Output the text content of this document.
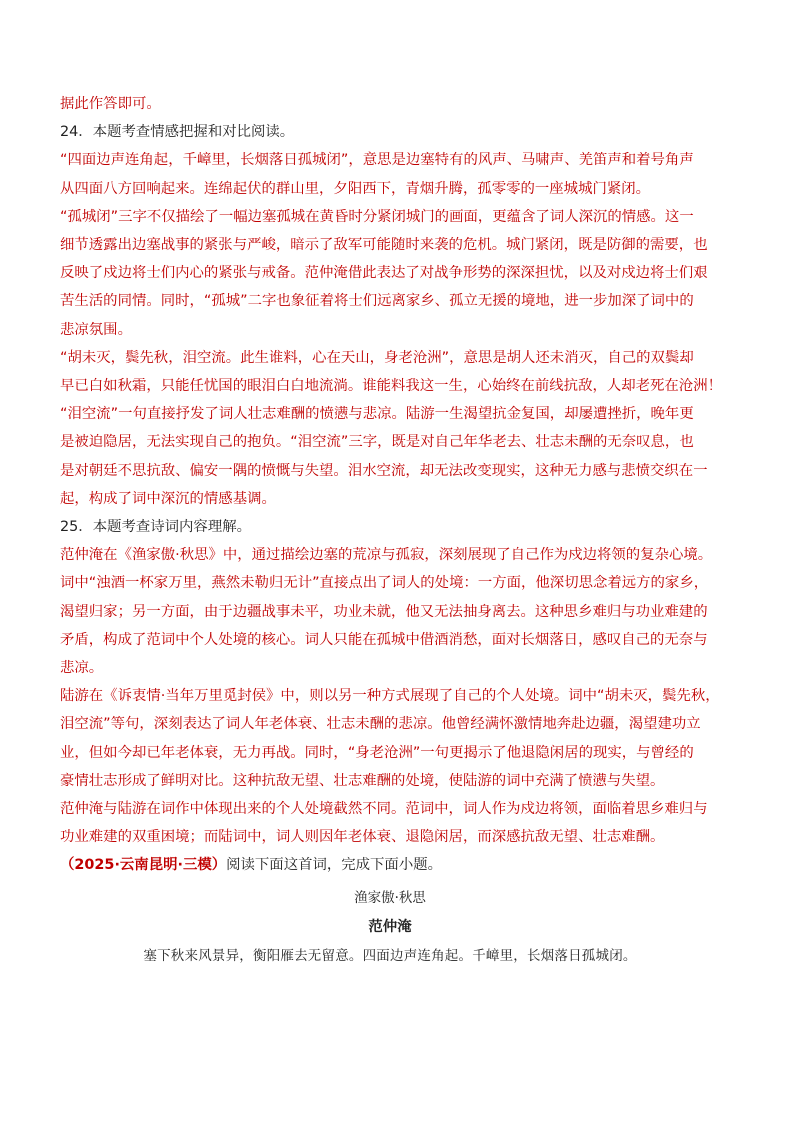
据此作答即可。

24．本题考查情感把握和对比阅读。

“四面边声连角起，千嶂里，长烟落日孤城闭”，意思是边塞特有的风声、马啸声、羌笛声和着号角声

从四面八方回响起来。连绵起伏的群山里，夕阳西下，青烟升腾，孤零零的一座城城门紧闭。

“孤城闭”三字不仅描绘了一幅边塞孤城在黄昏时分紧闭城门的画面，更蕴含了词人深沉的情感。这一

细节透露出边塞战事的紧张与严峻，暗示了敌军可能随时来袭的危机。城门紧闭，既是防御的需要，也

反映了戍边将士们内心的紧张与戒备。范仲淹借此表达了对战争形势的深深担忧，以及对戍边将士们艰

苦生活的同情。同时，“孤城”二字也象征着将士们远离家乡、孤立无援的境地，进一步加深了词中的

悲凉氛围。

“胡未灭，鬓先秋，泪空流。此生谁料，心在天山，身老沧洲”，意思是胡人还未消灭，自己的双鬓却

早已白如秋霜，只能任忧国的眼泪白白地流淌。谁能料我这一生，心始终在前线抗敌，人却老死在沧洲！

“泪空流”一句直接抒发了词人壮志难酬的愤懑与悲凉。陆游一生渴望抗金复国，却屡遭挫折，晚年更

是被迫隐居，无法实现自己的抱负。“泪空流”三字，既是对自己年华老去、壮志未酬的无奈叹息，也

是对朝廷不思抗敌、偏安一隅的愤慨与失望。泪水空流，却无法改变现实，这种无力感与悲愤交织在一

起，构成了词中深沉的情感基调。

25．本题考查诗词内容理解。

范仲淹在《渔家傲·秋思》中，通过描绘边塞的荒凉与孤寂，深刻展现了自己作为戍边将领的复杂心境。

词中“浊酒一杯家万里，燕然未勒归无计”直接点出了词人的处境：一方面，他深切思念着远方的家乡，

渴望归家；另一方面，由于边疆战事未平，功业未就，他又无法抽身离去。这种思乡难归与功业难建的

矛盾，构成了范词中个人处境的核心。词人只能在孤城中借酒消愁，面对长烟落日，感叹自己的无奈与

悲凉。

陆游在《诉衷情·当年万里觅封侯》中，则以另一种方式展现了自己的个人处境。词中“胡未灭，鬓先秋，

泪空流”等句，深刻表达了词人年老体衰、壮志未酬的悲凉。他曾经满怀激情地奔赴边疆，渴望建功立

业，但如今却已年老体衰，无力再战。同时，“身老沧洲”一句更揭示了他退隐闲居的现实，与曾经的

豪情壮志形成了鲜明对比。这种抗敌无望、壮志难酬的处境，使陆游的词中充满了愤懑与失望。

范仲淹与陆游在词作中体现出来的个人处境截然不同。范词中，词人作为戍边将领，面临着思乡难归与

功业难建的双重困境；而陆词中，词人则因年老体衰、退隐闲居，而深感抗敌无望、壮志难酬。

（2025·云南昆明·三模）阅读下面这首词，完成下面小题。

渔家傲·秋思
范仲淹
塞下秋来风景异，衡阳雁去无留意。四面边声连角起。千嶂里，长烟落日孤城闭。
